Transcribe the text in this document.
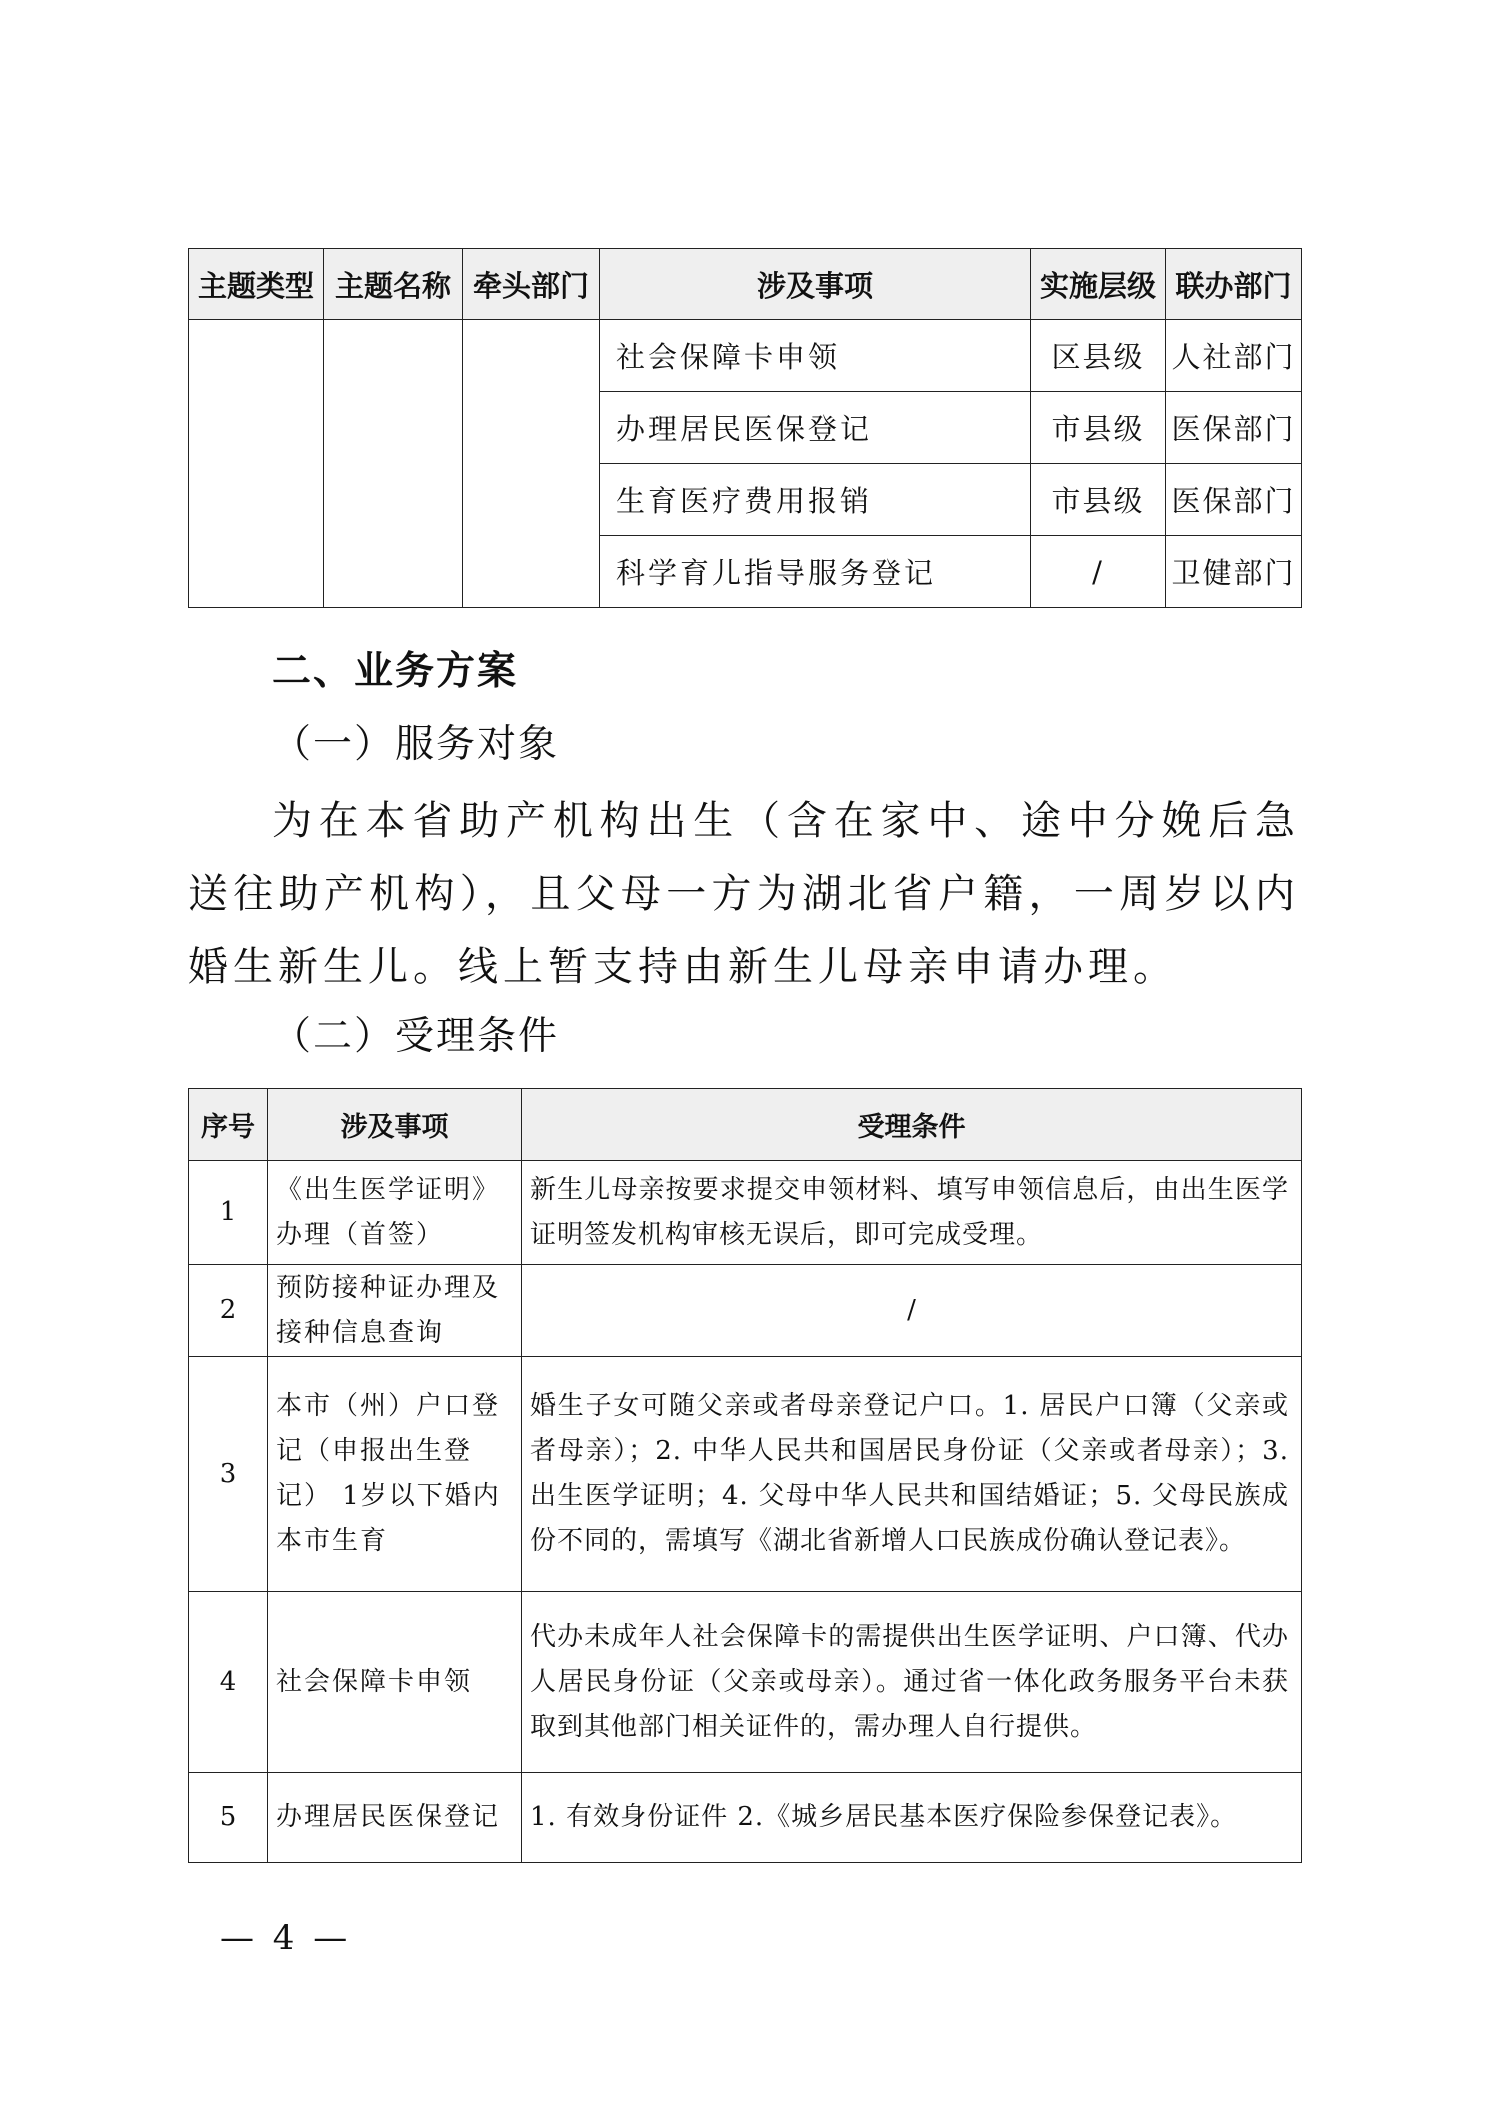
主题类型	主题名称	牵头部门	涉及事项	实施层级	联办部门
			社会保障卡申领	区县级	人社部门
			办理居民医保登记	市县级	医保部门
			生育医疗费用报销	市县级	医保部门
			科学育儿指导服务登记	/	卫健部门
二、业务方案
（一）服务对象
为在本省助产机构出生（含在家中、途中分娩后急送往助产机构），且父母一方为湖北省户籍，一周岁以内婚生新生儿。线上暂支持由新生儿母亲申请办理。
（二）受理条件
序号	涉及事项	受理条件
1	《出生医学证明》办理（首签）	新生儿母亲按要求提交申领材料、填写申领信息后，由出生医学证明签发机构审核无误后，即可完成受理。
2	预防接种证办理及接种信息查询	/
3	本市（州）户口登记（申报出生登记） 1岁以下婚内本市生育	婚生子女可随父亲或者母亲登记户口。1. 居民户口簿（父亲或者母亲）；2. 中华人民共和国居民身份证（父亲或者母亲）；3. 出生医学证明；4. 父母中华人民共和国结婚证；5. 父母民族成份不同的，需填写《湖北省新增人口民族成份确认登记表》。
4	社会保障卡申领	代办未成年人社会保障卡的需提供出生医学证明、户口簿、代办人居民身份证（父亲或母亲）。通过省一体化政务服务平台未获取到其他部门相关证件的，需办理人自行提供。
5	办理居民医保登记	1. 有效身份证件 2.《城乡居民基本医疗保险参保登记表》。
— 4 —
